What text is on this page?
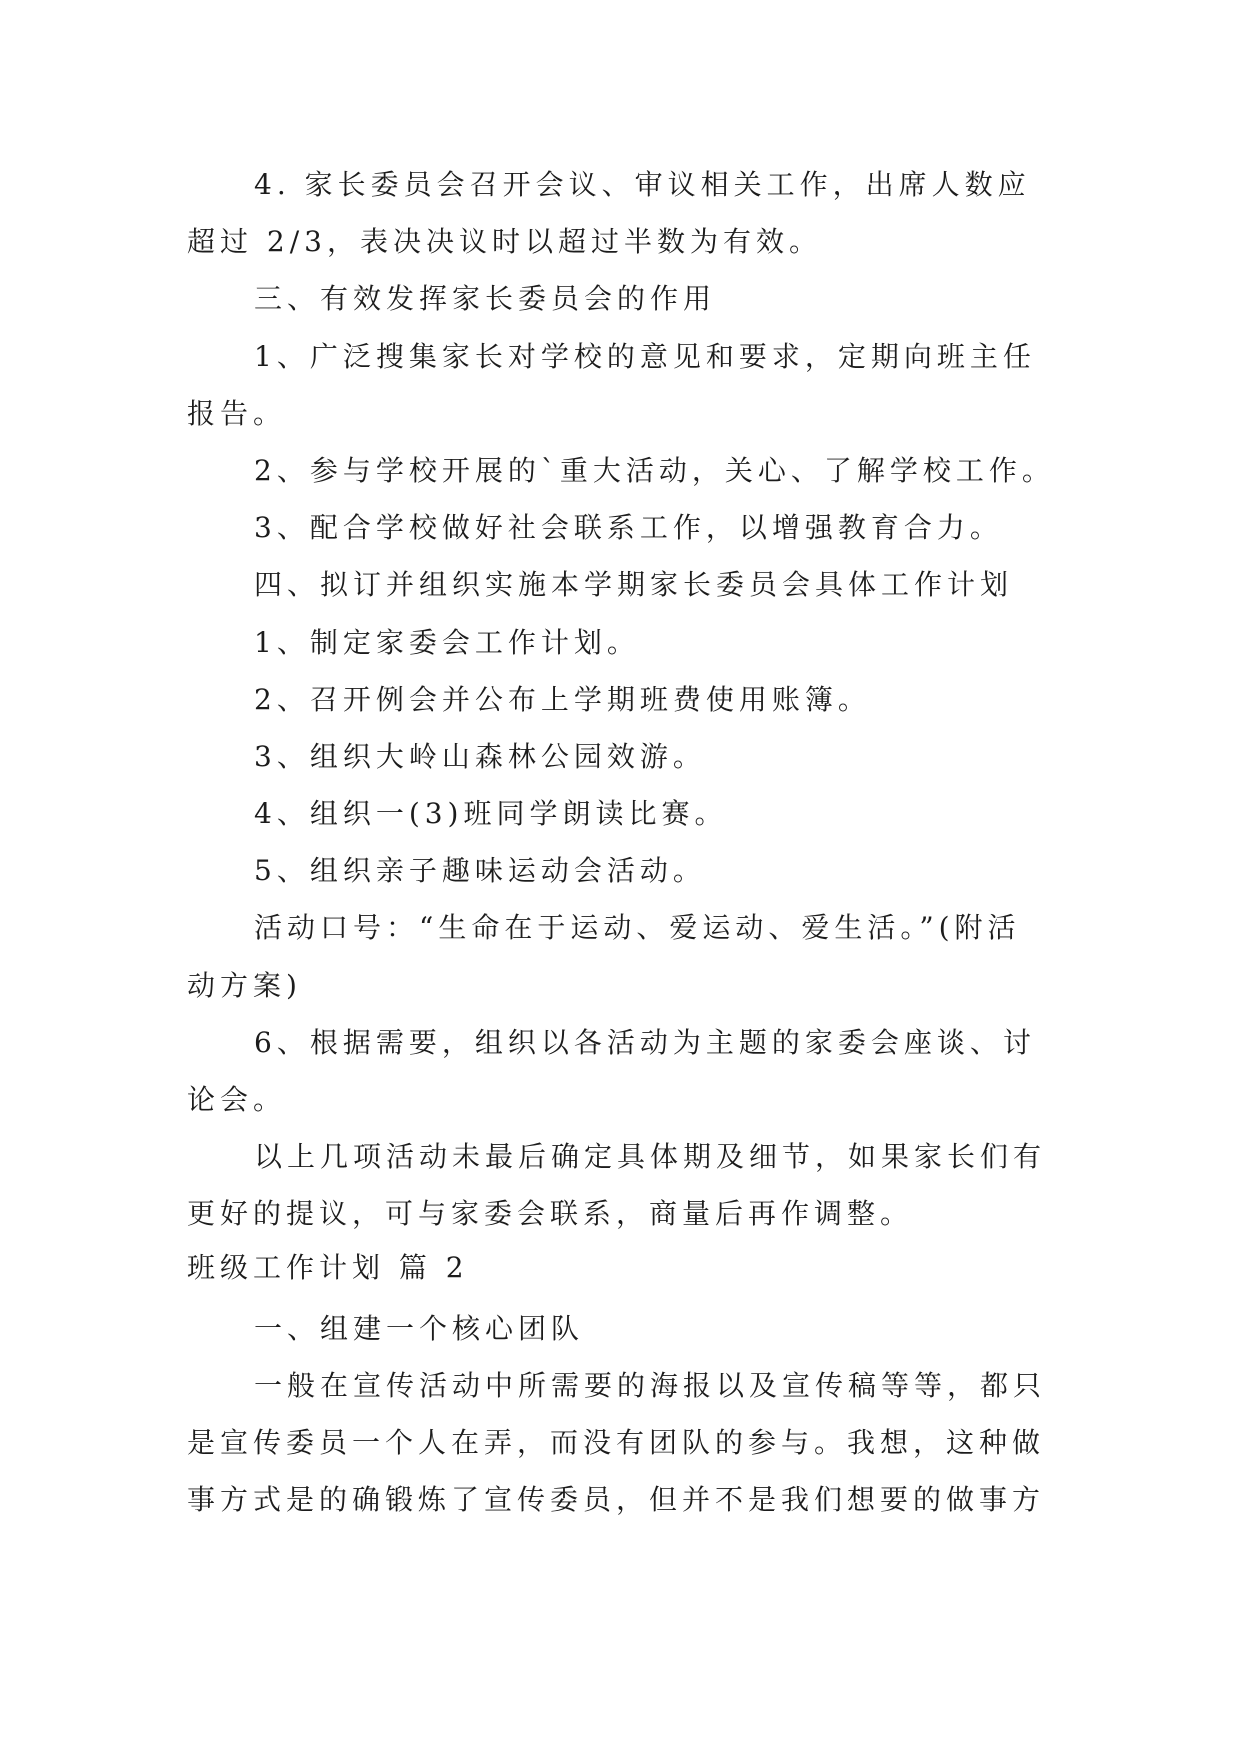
4. 家长委员会召开会议、审议相关工作，出席人数应
超过 2/3，表决决议时以超过半数为有效。
三、有效发挥家长委员会的作用
1、广泛搜集家长对学校的意见和要求，定期向班主任
报告。
2、参与学校开展的`重大活动，关心、了解学校工作。
3、配合学校做好社会联系工作，以增强教育合力。
四、拟订并组织实施本学期家长委员会具体工作计划
1、制定家委会工作计划。
2、召开例会并公布上学期班费使用账簿。
3、组织大岭山森林公园效游。
4、组织一(3)班同学朗读比赛。
5、组织亲子趣味运动会活动。
活动口号：“生命在于运动、爱运动、爱生活。”(附活
动方案)
6、根据需要，组织以各活动为主题的家委会座谈、讨
论会。
以上几项活动未最后确定具体期及细节，如果家长们有
更好的提议，可与家委会联系，商量后再作调整。
班级工作计划 篇 2
一、组建一个核心团队
一般在宣传活动中所需要的海报以及宣传稿等等，都只
是宣传委员一个人在弄，而没有团队的参与。我想，这种做
事方式是的确锻炼了宣传委员，但并不是我们想要的做事方
